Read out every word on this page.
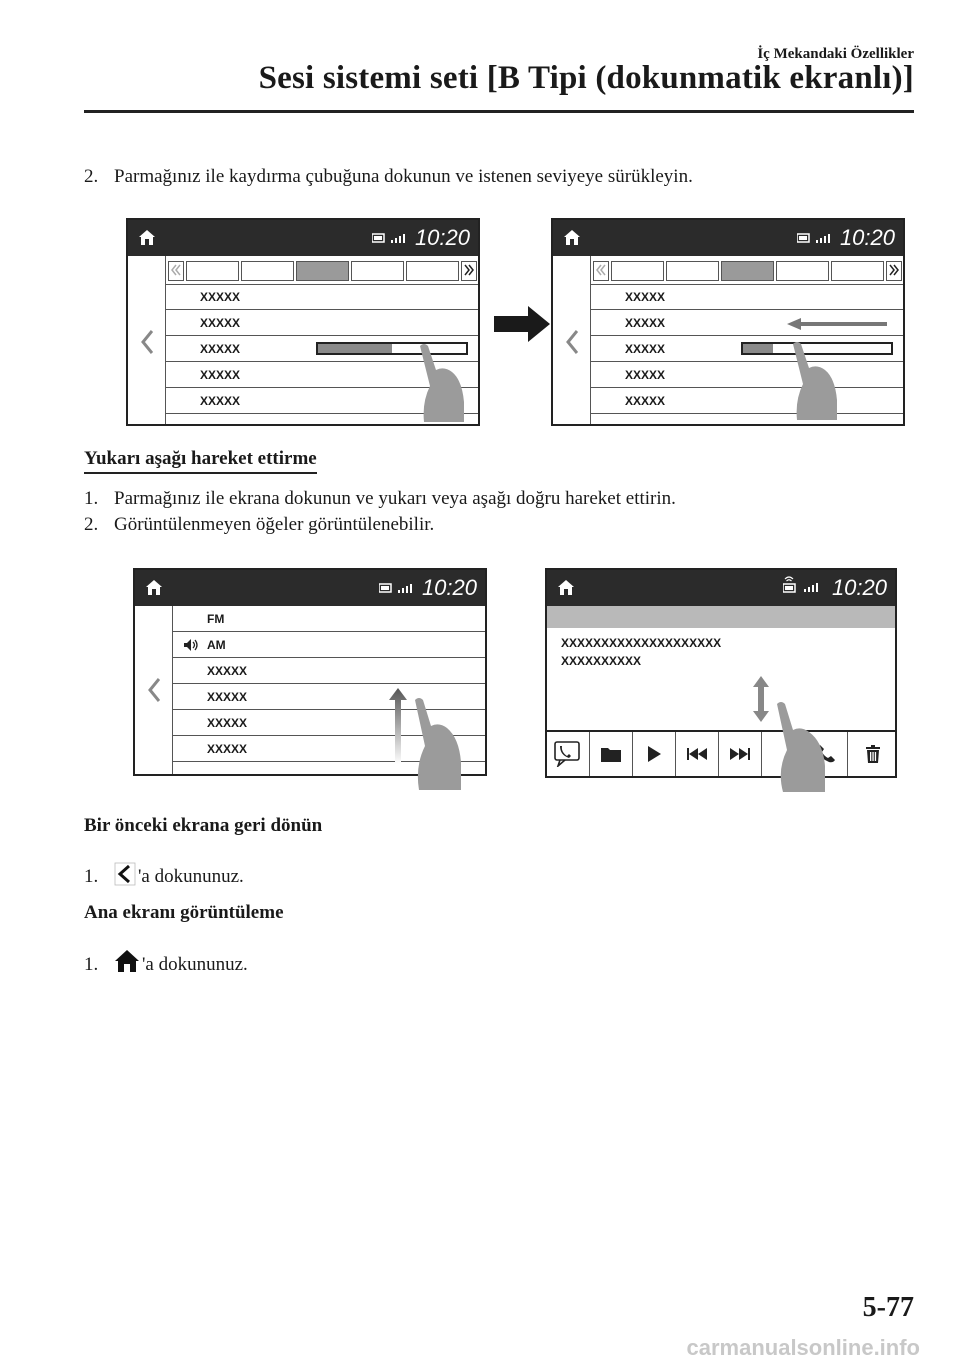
İç Mekandaki Özellikler
Sesi sistemi seti [B Tipi (dokunmatik ekranlı)]
2. Parmağınız ile kaydırma çubuğuna dokunun ve istenen seviyeye sürükleyin.
10:20
XXXXX
XXXXX
XXXXX
XXXXX
XXXXX
10:20
XXXXX
XXXXX
XXXXX
XXXXX
XXXXX
Yukarı aşağı hareket ettirme
1. Parmağınız ile ekrana dokunun ve yukarı veya aşağı doğru hareket ettirin.
2. Görüntülenmeyen öğeler görüntülenebilir.
10:20
FM
AM
XXXXX
XXXXX
XXXXX
XXXXX
10:20
XXXXXXXXXXXXXXXXXXXX
XXXXXXXXXX
Bir önceki ekrana geri dönün
1. 'a dokununuz.
Ana ekranı görüntüleme
1. 'a dokununuz.
5-77
carmanualsonline.info
